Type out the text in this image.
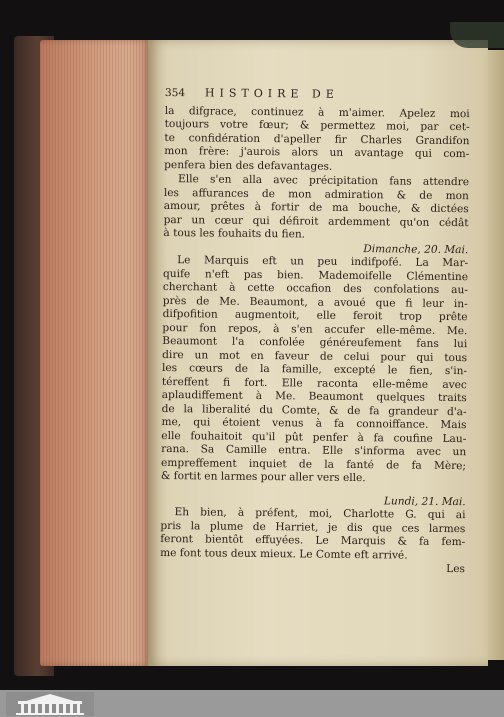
354 HISTOIRE DE
la difgrace, continuez à m'aimer. Apelez moi
toujours votre fœur; & permettez moi, par cet-
te confidération d'apeller fir Charles Grandifon
mon frère: j'aurois alors un avantage qui com-
penfera bien des defavantages.
Elle s'en alla avec précipitation fans attendre
les affurances de mon admiration & de mon
amour, prêtes à fortir de ma bouche, & dictées
par un cœur qui défiroit ardemment qu'on cédât
à tous les fouhaits du fien.
Dimanche, 20. Mai.
Le Marquis eft un peu indifpofé. La Mar-
quife n'eft pas bien. Mademoifelle Clémentine
cherchant à cette occafion des confolations au-
près de Me. Beaumont, a avoué que fi leur in-
difpofition augmentoit, elle feroit trop prête
pour fon repos, à s'en accufer elle-même. Me.
Beaumont l'a confolée généreufement fans lui
dire un mot en faveur de celui pour qui tous
les cœurs de la famille, excepté le fien, s'in-
téreffent fi fort. Elle raconta elle-même avec
aplaudiffement à Me. Beaumont quelques traits
de la liberalité du Comte, & de fa grandeur d'a-
me, qui étoient venus à fa connoiffance. Mais
elle fouhaitoit qu'il pût penfer à fa coufine Lau-
rana. Sa Camille entra. Elle s'informa avec un
empreffement inquiet de la fanté de fa Mère;
& fortit en larmes pour aller vers elle.
Lundi, 21. Mai.
Eh bien, à préfent, moi, Charlotte G. qui ai
pris la plume de Harriet, je dis que ces larmes
feront bientôt effuyées. Le Marquis & fa fem-
me font tous deux mieux. Le Comte eft arrivé.
Les
